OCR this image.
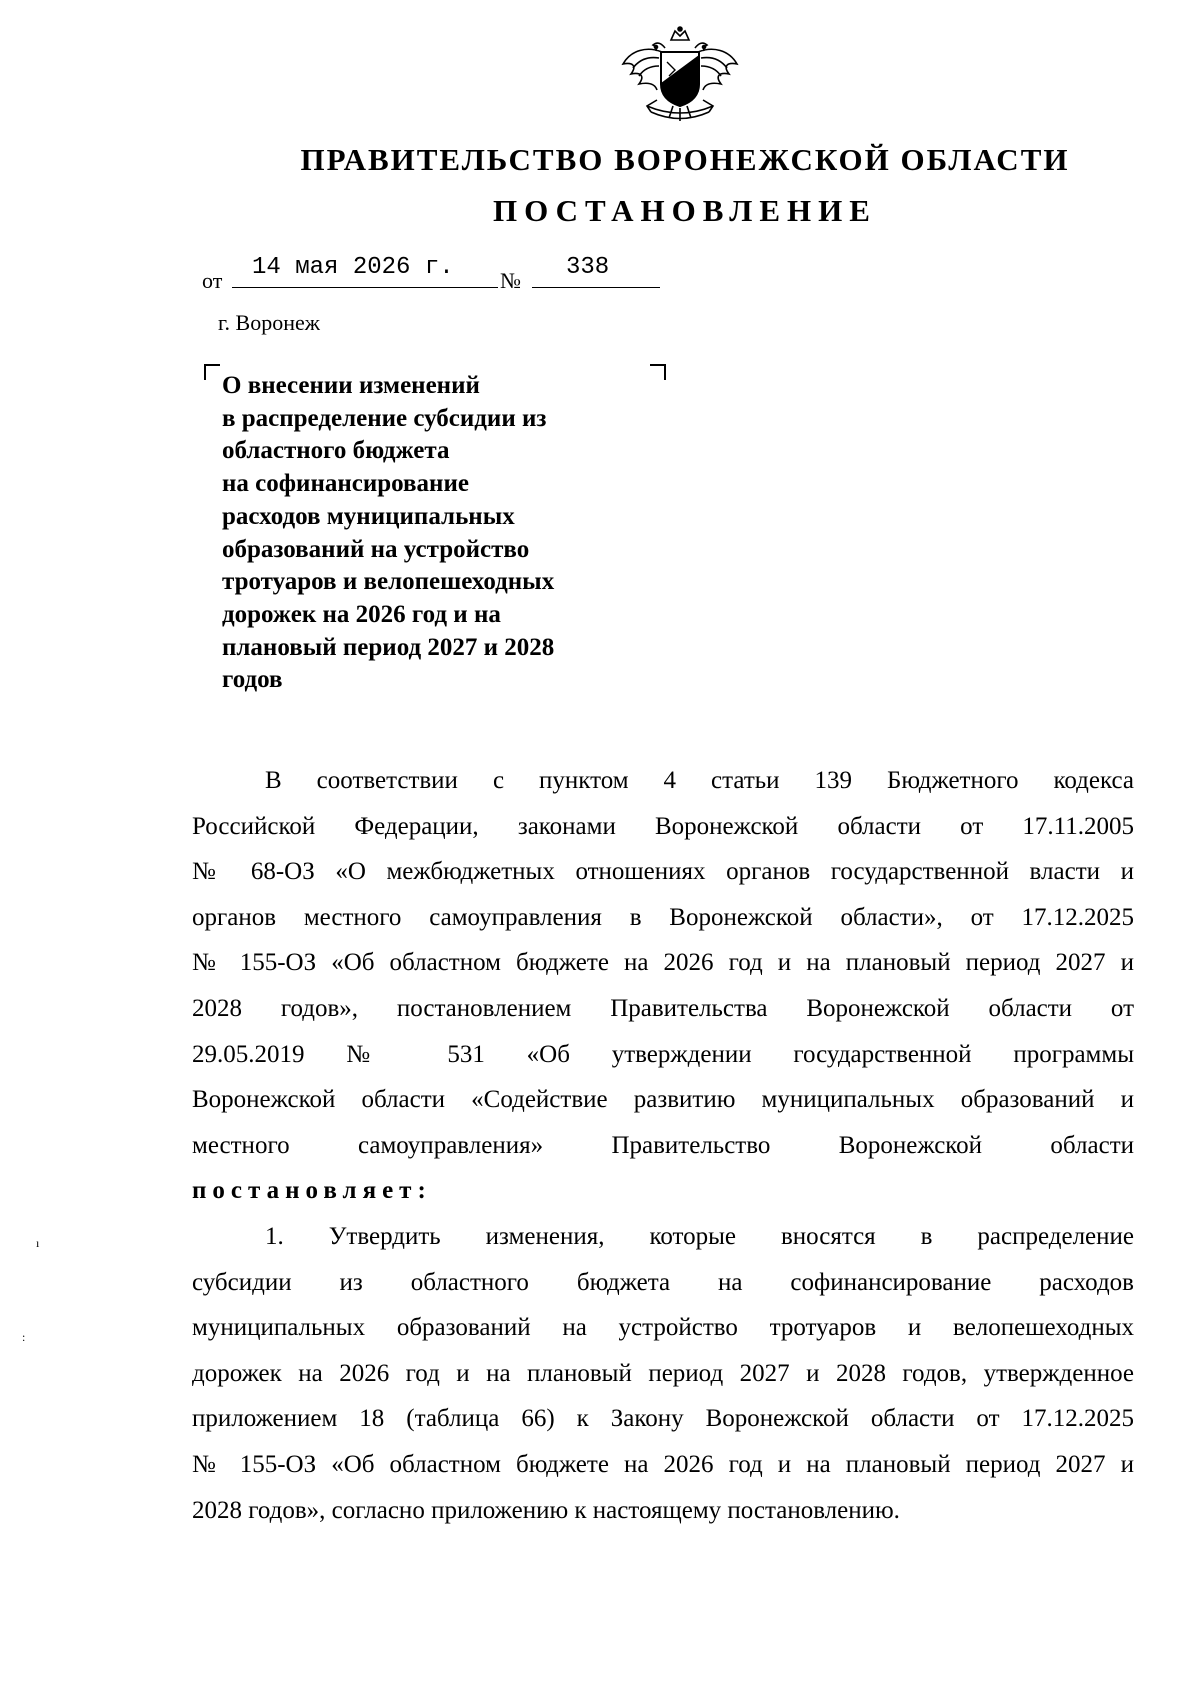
ПРАВИТЕЛЬСТВО ВОРОНЕЖСКОЙ ОБЛАСТИ
ПОСТАНОВЛЕНИЕ
от 14 мая 2026 г. № 338
г. Воронеж
О внесении изменений
в распределение субсидии из
областного бюджета
на софинансирование
расходов муниципальных
образований на устройство
тротуаров и велопешеходных
дорожек на 2026 год и на
плановый период 2027 и 2028
годов
В соответствии с пунктом 4 статьи 139 Бюджетного кодекса
Российской Федерации, законами Воронежской области от 17.11.2005
№ 68-ОЗ «О межбюджетных отношениях органов государственной власти и
органов местного самоуправления в Воронежской области», от 17.12.2025
№ 155-ОЗ «Об областном бюджете на 2026 год и на плановый период 2027 и
2028 годов», постановлением Правительства Воронежской области от
29.05.2019 № 531 «Об утверждении государственной программы
Воронежской области «Содействие развитию муниципальных образований и
местного самоуправления» Правительство Воронежской области
постановляет:
1. Утвердить изменения, которые вносятся в распределение
субсидии из областного бюджета на софинансирование расходов
муниципальных образований на устройство тротуаров и велопешеходных
дорожек на 2026 год и на плановый период 2027 и 2028 годов, утвержденное
приложением 18 (таблица 66) к Закону Воронежской области от 17.12.2025
№ 155-ОЗ «Об областном бюджете на 2026 год и на плановый период 2027 и
2028 годов», согласно приложению к настоящему постановлению.
ı
:
